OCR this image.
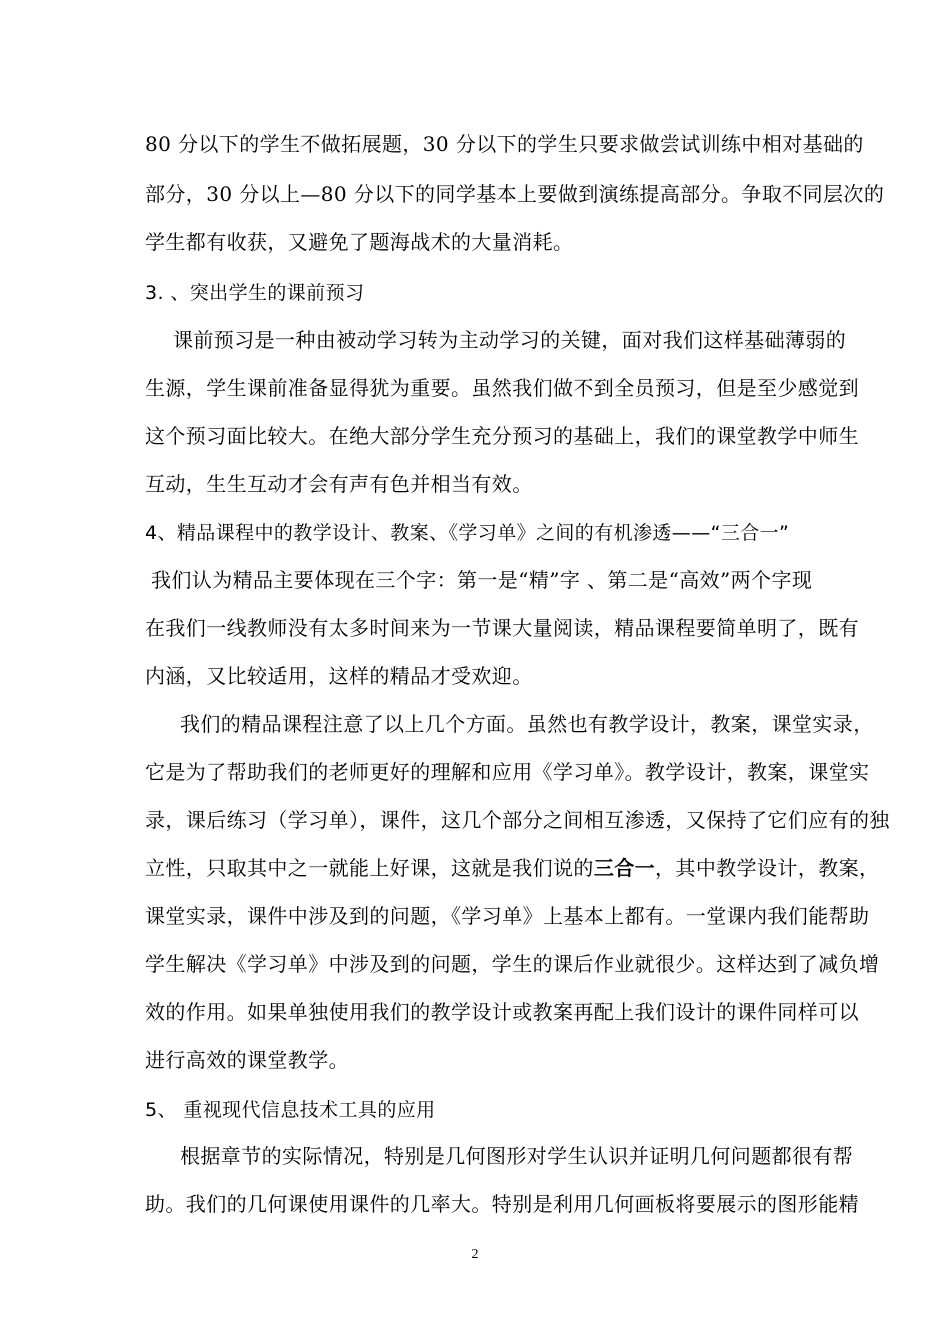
80 分以下的学生不做拓展题，30 分以下的学生只要求做尝试训练中相对基础的
部分，30 分以上—80 分以下的同学基本上要做到演练提高部分。争取不同层次的
学生都有收获，又避免了题海战术的大量消耗。
3. 、突出学生的课前预习
课前预习是一种由被动学习转为主动学习的关键，面对我们这样基础薄弱的
生源，学生课前准备显得犹为重要。虽然我们做不到全员预习，但是至少感觉到
这个预习面比较大。在绝大部分学生充分预习的基础上，我们的课堂教学中师生
互动，生生互动才会有声有色并相当有效。
4、精品课程中的教学设计、教案、《学习单》之间的有机渗透——“三合一”
我们认为精品主要体现在三个字：第一是“精”字 、第二是“高效”两个字现
在我们一线教师没有太多时间来为一节课大量阅读，精品课程要简单明了，既有
内涵，又比较适用，这样的精品才受欢迎。
我们的精品课程注意了以上几个方面。虽然也有教学设计，教案，课堂实录，
它是为了帮助我们的老师更好的理解和应用《学习单》。教学设计，教案，课堂实
录，课后练习（学习单），课件，这几个部分之间相互渗透，又保持了它们应有的独
立性，只取其中之一就能上好课，这就是我们说的三合一，其中教学设计，教案，
课堂实录，课件中涉及到的问题，《学习单》上基本上都有。一堂课内我们能帮助
学生解决《学习单》中涉及到的问题，学生的课后作业就很少。这样达到了减负增
效的作用。如果单独使用我们的教学设计或教案再配上我们设计的课件同样可以
进行高效的课堂教学。
5、 重视现代信息技术工具的应用
根据章节的实际情况，特别是几何图形对学生认识并证明几何问题都很有帮
助。我们的几何课使用课件的几率大。特别是利用几何画板将要展示的图形能精
2
